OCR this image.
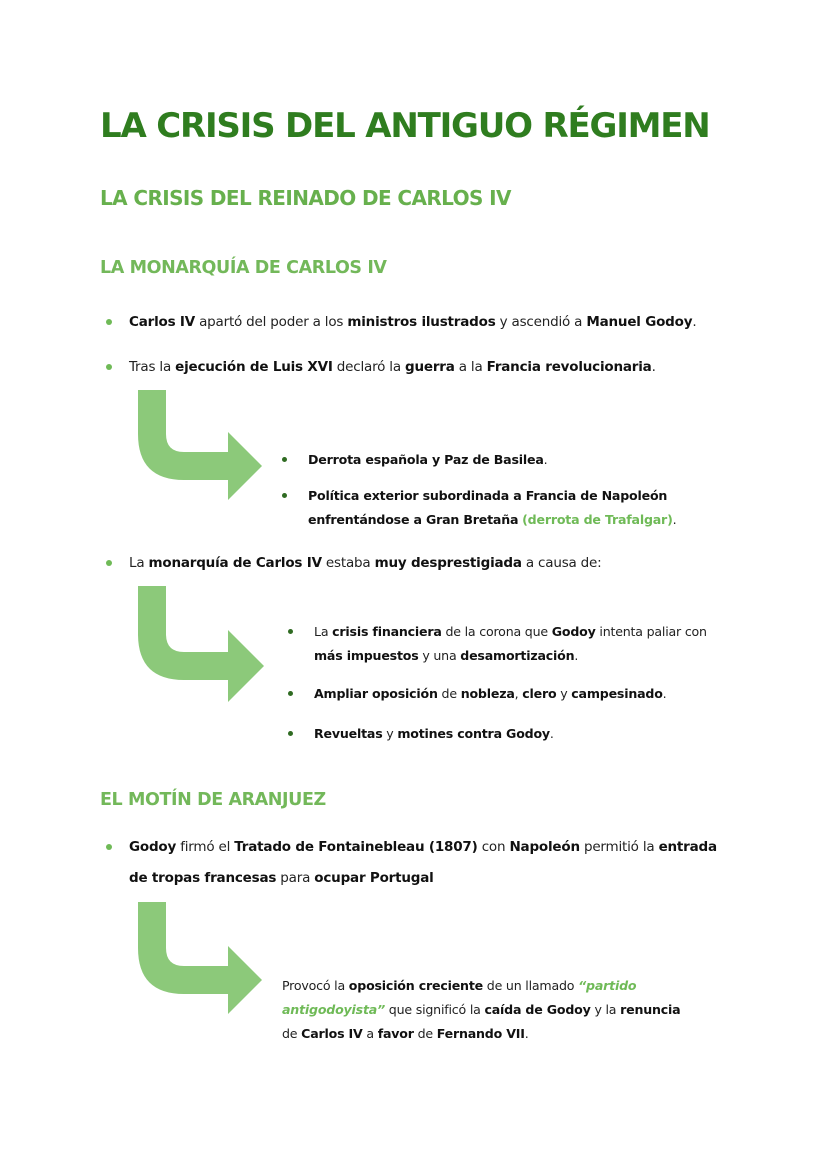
LA CRISIS DEL ANTIGUO RÉGIMEN
LA CRISIS DEL REINADO DE CARLOS IV
LA MONARQUÍA DE CARLOS IV
Carlos IV apartó del poder a los ministros ilustrados y ascendió a Manuel Godoy.
Tras la ejecución de Luis XVI declaró la guerra a la Francia revolucionaria.
Derrota española y Paz de Basilea.
Política exterior subordinada a Francia de Napoleón enfrentándose a Gran Bretaña (derrota de Trafalgar).
La monarquía de Carlos IV estaba muy desprestigiada a causa de:
La crisis financiera de la corona que Godoy intenta paliar con más impuestos y una desamortización.
Ampliar oposición de nobleza, clero y campesinado.
Revueltas y motines contra Godoy.
EL MOTÍN DE ARANJUEZ
Godoy firmó el Tratado de Fontainebleau (1807) con Napoleón permitió la entrada de tropas francesas para ocupar Portugal
Provocó la oposición creciente de un llamado “partido antigodoyista” que significó la caída de Godoy y la renuncia de Carlos IV a favor de Fernando VII.
